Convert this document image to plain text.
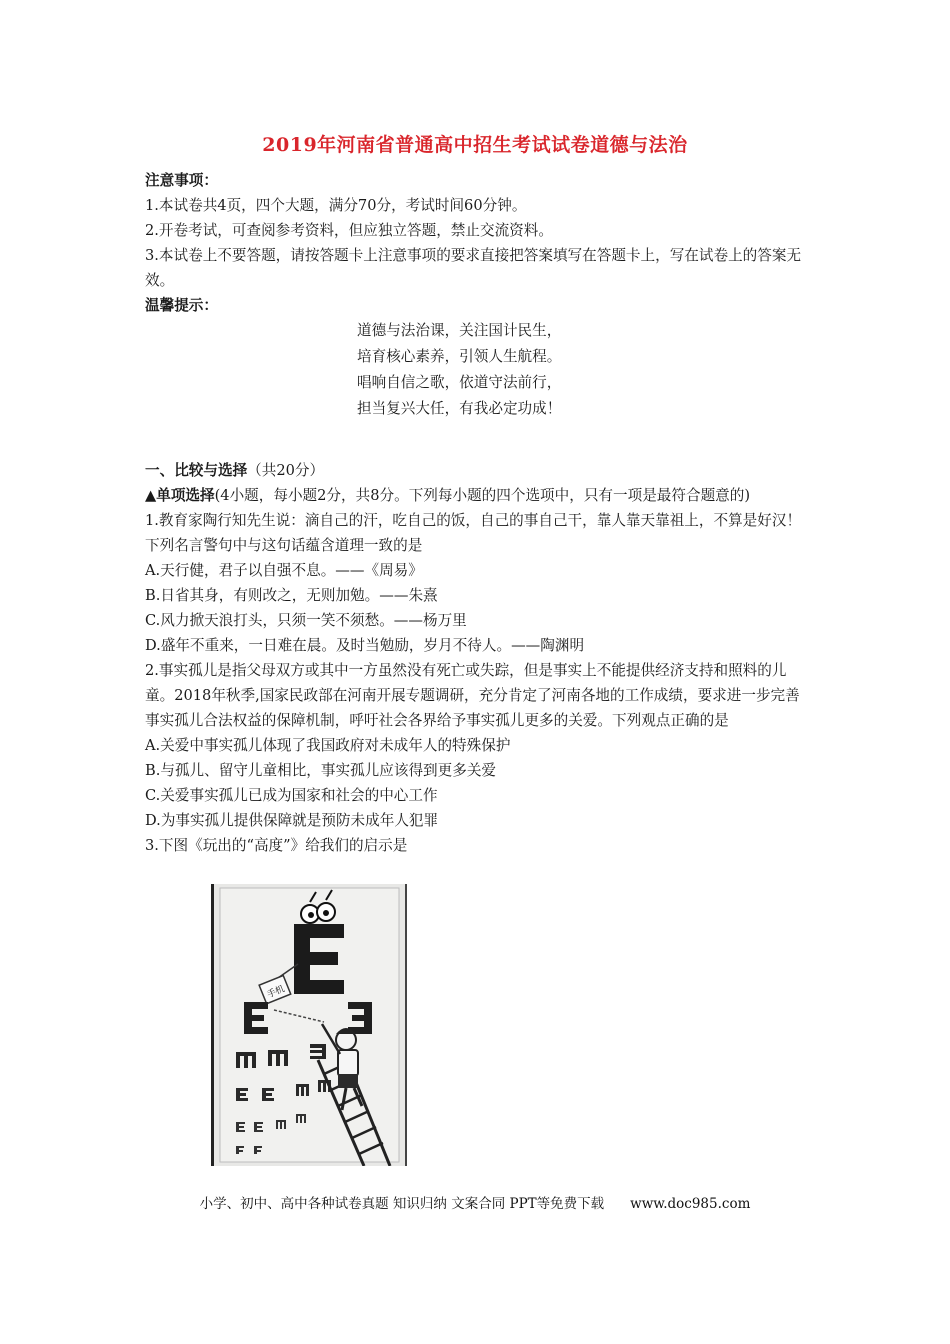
2019年河南省普通高中招生考试试卷道德与法治

注意事项：

1.本试卷共4页，四个大题，满分70分，考试时间60分钟。

2.开卷考试，可查阅参考资料，但应独立答题，禁止交流资料。

3.本试卷上不要答题，请按答题卡上注意事项的要求直接把答案填写在答题卡上，写在试卷上的答案无效。

温馨提示：

道德与法治课，关注国计民生，

培育核心素养，引领人生航程。

唱响自信之歌，依道守法前行，

担当复兴大任，有我必定功成！

一、比较与选择（共20分）

▲单项选择(4小题，每小题2分，共8分。下列每小题的四个选项中，只有一项是最符合题意的)

1.教育家陶行知先生说：滴自己的汗，吃自己的饭，自己的事自己干，靠人靠天靠祖上，不算是好汉！下列名言警句中与这句话蕴含道理一致的是

A.天行健，君子以自强不息。——《周易》

B.日省其身，有则改之，无则加勉。——朱熹

C.风力掀天浪打头，只须一笑不须愁。——杨万里

D.盛年不重来，一日难在晨。及时当勉励，岁月不待人。——陶渊明

2.事实孤儿是指父母双方或其中一方虽然没有死亡或失踪，但是事实上不能提供经济支持和照料的儿童。2018年秋季,国家民政部在河南开展专题调研，充分肯定了河南各地的工作成绩，要求进一步完善事实孤儿合法权益的保障机制，呼吁社会各界给予事实孤儿更多的关爱。下列观点正确的是

A.关爱中事实孤儿体现了我国政府对未成年人的特殊保护

B.与孤儿、留守儿童相比，事实孤儿应该得到更多关爱

C.关爱事实孤儿已成为国家和社会的中心工作

D.为事实孤儿提供保障就是预防未成年人犯罪

3.下图《玩出的“高度”》给我们的启示是

手机
小学、初中、高中各种试卷真题 知识归纳 文案合同 PPT等免费下载 www.doc985.com
